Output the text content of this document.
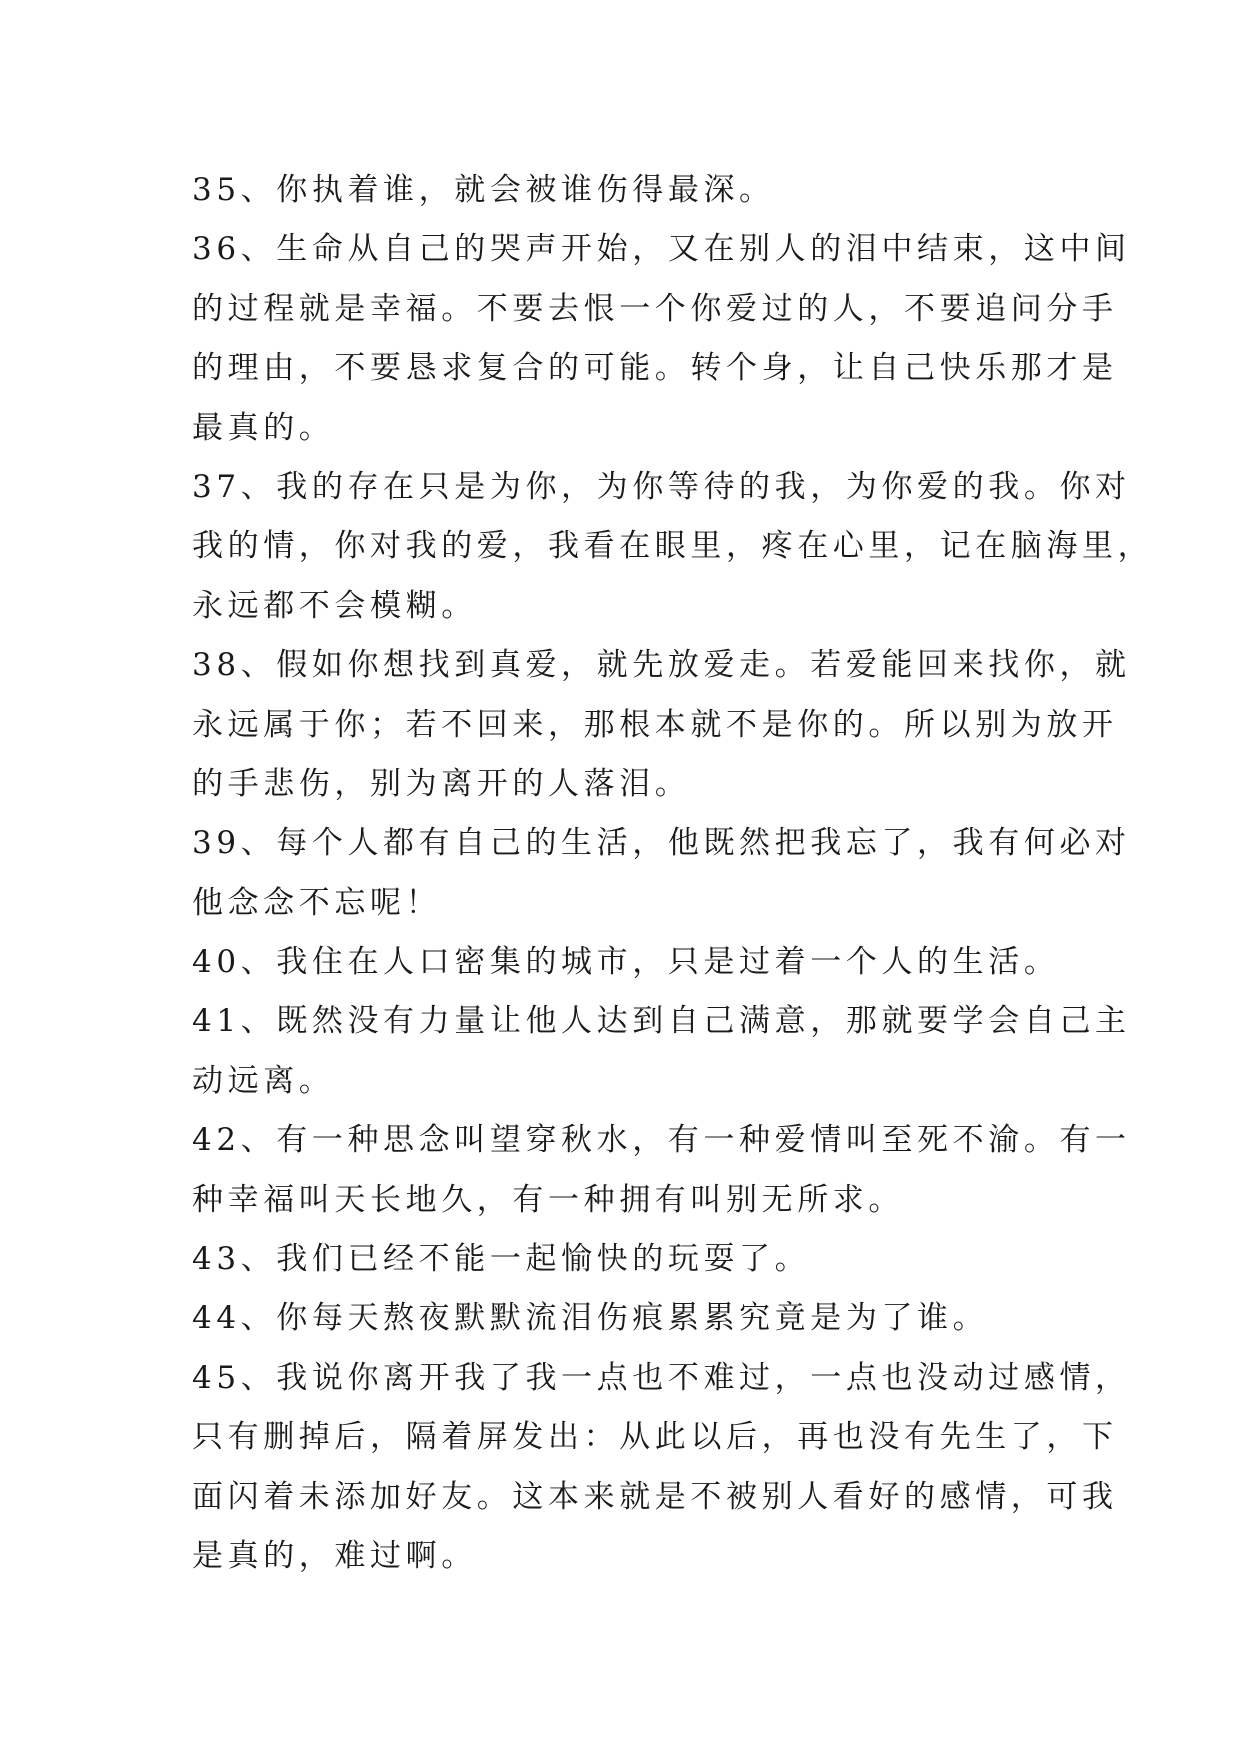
35、你执着谁，就会被谁伤得最深。
36、生命从自己的哭声开始，又在别人的泪中结束，这中间
的过程就是幸福。不要去恨一个你爱过的人，不要追问分手
的理由，不要恳求复合的可能。转个身，让自己快乐那才是
最真的。
37、我的存在只是为你，为你等待的我，为你爱的我。你对
我的情，你对我的爱，我看在眼里，疼在心里，记在脑海里，
永远都不会模糊。
38、假如你想找到真爱，就先放爱走。若爱能回来找你，就
永远属于你；若不回来，那根本就不是你的。所以别为放开
的手悲伤，别为离开的人落泪。
39、每个人都有自己的生活，他既然把我忘了，我有何必对
他念念不忘呢！
40、我住在人口密集的城市，只是过着一个人的生活。
41、既然没有力量让他人达到自己满意，那就要学会自己主
动远离。
42、有一种思念叫望穿秋水，有一种爱情叫至死不渝。有一
种幸福叫天长地久，有一种拥有叫别无所求。
43、我们已经不能一起愉快的玩耍了。
44、你每天熬夜默默流泪伤痕累累究竟是为了谁。
45、我说你离开我了我一点也不难过，一点也没动过感情，
只有删掉后，隔着屏发出：从此以后，再也没有先生了，下
面闪着未添加好友。这本来就是不被别人看好的感情，可我
是真的，难过啊。
